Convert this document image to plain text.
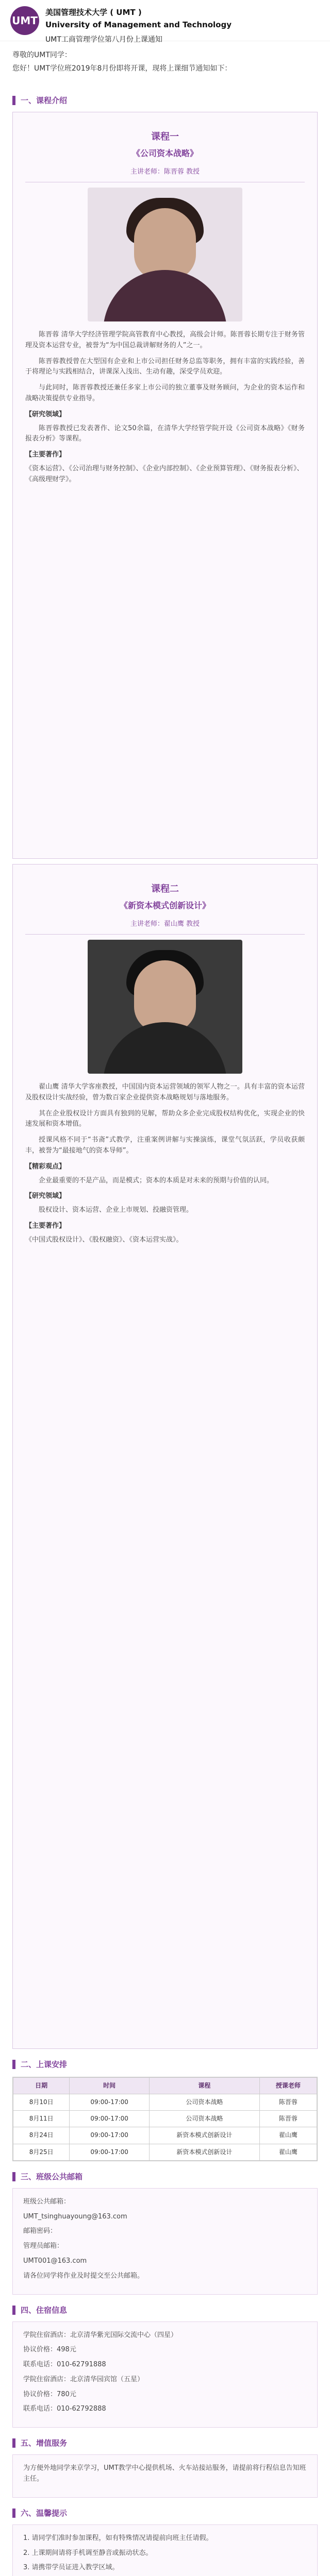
UMT
美国管理技术大学 ( UMT )
University of Management and Technology
UMT工商管理学位第八月份上课通知

尊敬的UMT同学：

您好！UMT学位班2019年8月份即将开课，现将上课细节通知如下：

一、课程介绍
课程一
《公司资本战略》
主讲老师：陈晋蓉 教授

陈晋蓉 清华大学经济管理学院高管教育中心教授，高级会计师。陈晋蓉长期专注于财务管理及资本运营专业，被誉为“为中国总裁讲解财务的人”之一。

陈晋蓉教授曾在大型国有企业和上市公司担任财务总监等职务，拥有丰富的实践经验，善于将理论与实践相结合，讲课深入浅出、生动有趣，深受学员欢迎。

与此同时，陈晋蓉教授还兼任多家上市公司的独立董事及财务顾问，为企业的资本运作和战略决策提供专业指导。

【研究领域】

陈晋蓉教授已发表著作、论文50余篇，在清华大学经管学院开设《公司资本战略》《财务报表分析》等课程。

【主要著作】

《资本运营》、《公司治理与财务控制》、《企业内部控制》、《企业预算管理》、《财务报表分析》、《高级理财学》。

课程二
《新资本模式创新设计》
主讲老师：翟山鹰 教授

翟山鹰 清华大学客座教授，中国国内资本运营领域的领军人物之一。具有丰富的资本运营及股权设计实战经验，曾为数百家企业提供资本战略规划与落地服务。

其在企业股权设计方面具有独到的见解，帮助众多企业完成股权结构优化，实现企业的快速发展和资本增值。

授课风格不同于“书斋”式教学，注重案例讲解与实操演练，课堂气氛活跃，学员收获颇丰，被誉为“最接地气的资本导师”。

【精彩观点】

企业最重要的不是产品，而是模式；资本的本质是对未来的预期与价值的认同。

【研究领域】

股权设计、资本运营、企业上市规划、投融资管理。

【主要著作】

《中国式股权设计》、《股权融资》、《资本运营实战》。

二、上课安排
日期	时间	课程	授课老师
8月10日	09:00-17:00	公司资本战略	陈晋蓉
8月11日	09:00-17:00	公司资本战略	陈晋蓉
8月24日	09:00-17:00	新资本模式创新设计	翟山鹰
8月25日	09:00-17:00	新资本模式创新设计	翟山鹰
三、班级公共邮箱

班级公共邮箱：

UMT_tsinghuayoung@163.com

邮箱密码：

管理员邮箱：

UMT001@163.com

请各位同学将作业及时提交至公共邮箱。

四、住宿信息

学院住宿酒店：北京清华紫光国际交流中心（四星）

协议价格：498元

联系电话：010-62791888

学院住宿酒店：北京清华园宾馆（五星）

协议价格：780元

联系电话：010-62792888

五、增值服务

为方便外地同学来京学习，UMT教学中心提供机场、火车站接站服务，请提前将行程信息告知班主任。

六、温馨提示

1. 请同学们准时参加课程，如有特殊情况请提前向班主任请假。

2. 上课期间请将手机调至静音或振动状态。

3. 请携带学员证进入教学区域。
